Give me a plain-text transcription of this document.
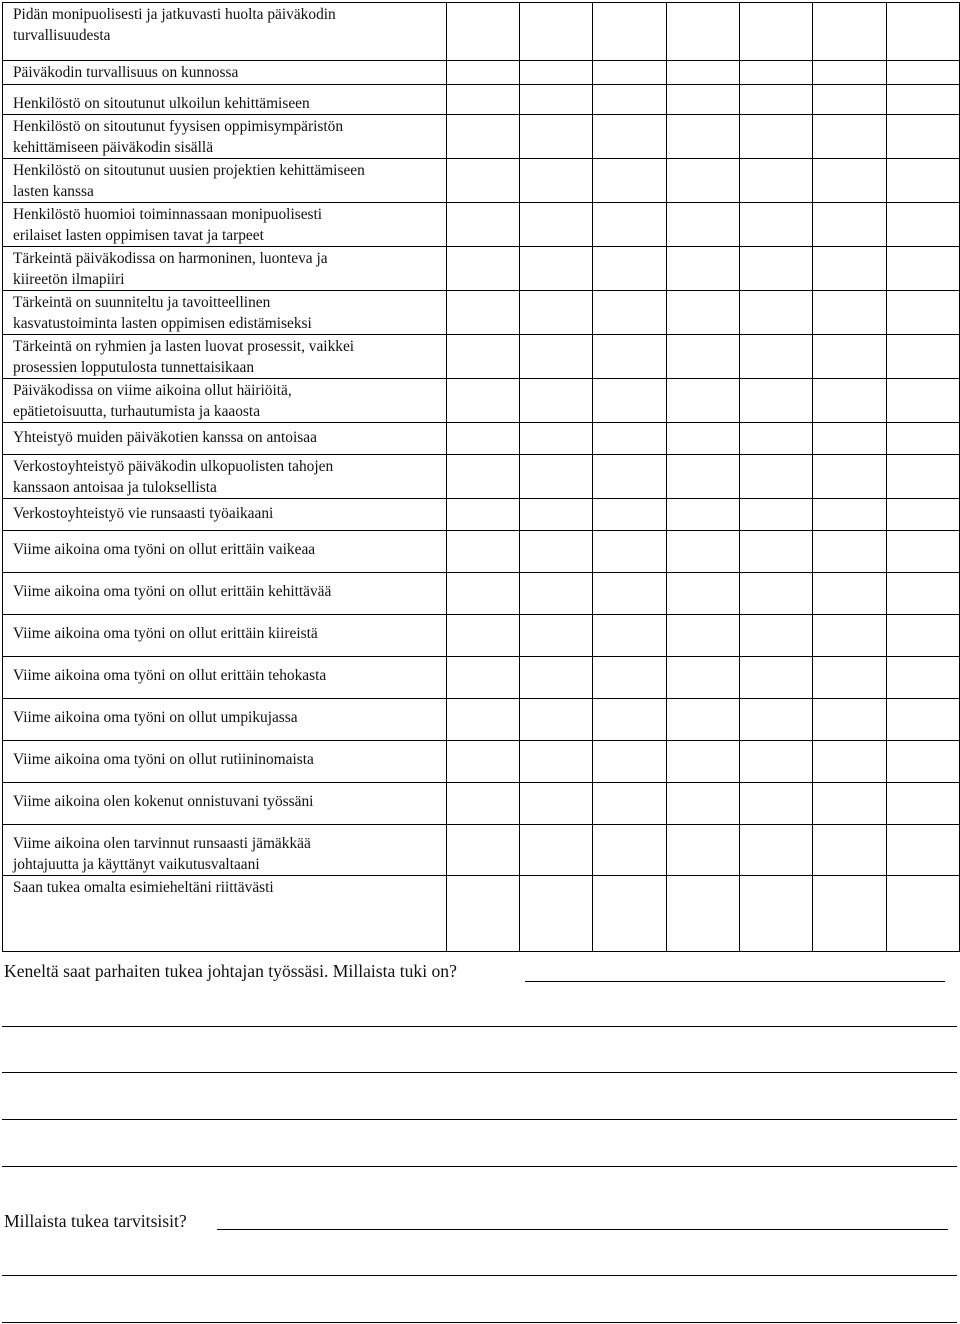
Pidän monipuolisesti ja jatkuvasti huolta päiväkodin
turvallisuudesta							

Päiväkodin turvallisuus on kunnossa							

Henkilöstö on sitoutunut ulkoilun kehittämiseen							

Henkilöstö on sitoutunut fyysisen oppimisympäristön
kehittämiseen päiväkodin sisällä							

Henkilöstö on sitoutunut uusien projektien kehittämiseen
lasten kanssa							

Henkilöstö huomioi toiminnassaan monipuolisesti
erilaiset lasten oppimisen tavat ja tarpeet							

Tärkeintä päiväkodissa on harmoninen, luonteva ja
kiireetön ilmapiiri							

Tärkeintä on suunniteltu ja tavoitteellinen
kasvatustoiminta lasten oppimisen edistämiseksi							

Tärkeintä on ryhmien ja lasten luovat prosessit, vaikkei
prosessien lopputulosta tunnettaisikaan							

Päiväkodissa on viime aikoina ollut häiriöitä,
epätietoisuutta, turhautumista ja kaaosta							

Yhteistyö muiden päiväkotien kanssa on antoisaa							

Verkostoyhteistyö päiväkodin ulkopuolisten tahojen
kanssaon antoisaa ja tuloksellista							

Verkostoyhteistyö vie runsaasti työaikaani							

Viime aikoina oma työni on ollut erittäin vaikeaa							

Viime aikoina oma työni on ollut erittäin kehittävää							

Viime aikoina oma työni on ollut erittäin kiireistä							

Viime aikoina oma työni on ollut erittäin tehokasta							

Viime aikoina oma työni on ollut umpikujassa							

Viime aikoina oma työni on ollut rutiininomaista							

Viime aikoina olen kokenut onnistuvani työssäni							

Viime aikoina olen tarvinnut runsaasti jämäkkää
johtajuutta ja käyttänyt vaikutusvaltaani							

Saan tukea omalta esimieheltäni riittävästi							

Keneltä saat parhaiten tukea johtajan työssäsi. Millaista tuki on?
Millaista tukea tarvitsisit?
